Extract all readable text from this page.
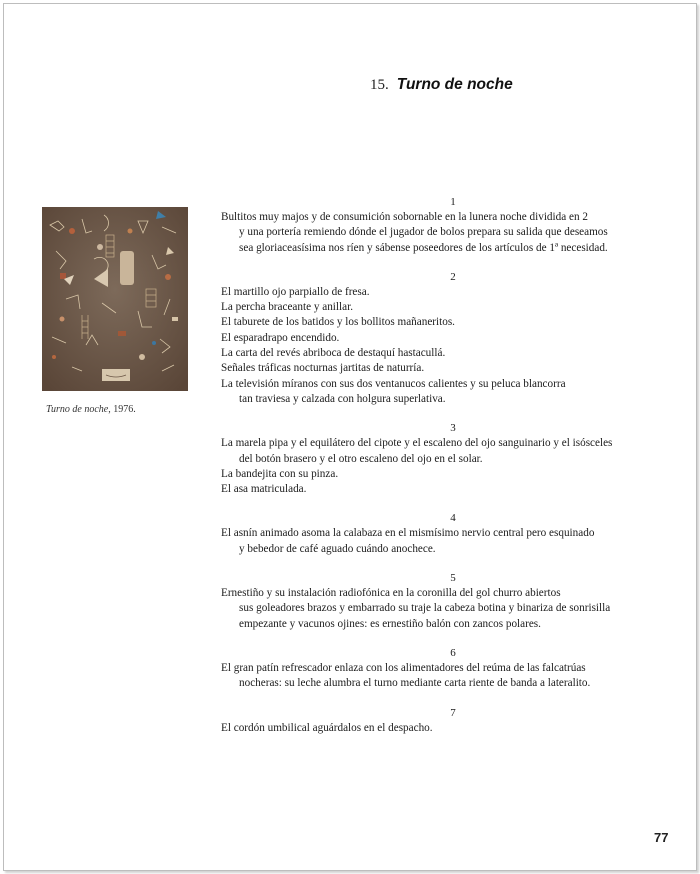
15. Turno de noche
Turno de noche, 1976.
1
Bultitos muy majos y de consumición sobornable en la lunera noche dividida en 2
y una portería remiendo dónde el jugador de bolos prepara su salida que deseamos
sea gloriaceasísima nos ríen y sábense poseedores de los artículos de 1ª necesidad.
2
El martillo ojo parpiallo de fresa.
La percha braceante y anillar.
El taburete de los batidos y los bollitos mañaneritos.
El esparadrapo encendido.
La carta del revés abriboca de destaquí hastacullá.
Señales tráficas nocturnas jartitas de naturría.
La televisión míranos con sus dos ventanucos calientes y su peluca blancorra
tan traviesa y calzada con holgura superlativa.
3
La marela pipa y el equilátero del cipote y el escaleno del ojo sanguinario y el isósceles
del botón brasero y el otro escaleno del ojo en el solar.
La bandejita con su pinza.
El asa matriculada.
4
El asnín animado asoma la calabaza en el mismísimo nervio central pero esquinado
y bebedor de café aguado cuándo anochece.
5
Ernestiño y su instalación radiofónica en la coronilla del gol churro abiertos
sus goleadores brazos y embarrado su traje la cabeza botina y binariza de sonrisilla
empezante y vacunos ojines: es ernestiño balón con zancos polares.
6
El gran patín refrescador enlaza con los alimentadores del reúma de las falcatrúas
nocheras: su leche alumbra el turno mediante carta riente de banda a lateralito.
7
El cordón umbilical aguárdalos en el despacho.
77
